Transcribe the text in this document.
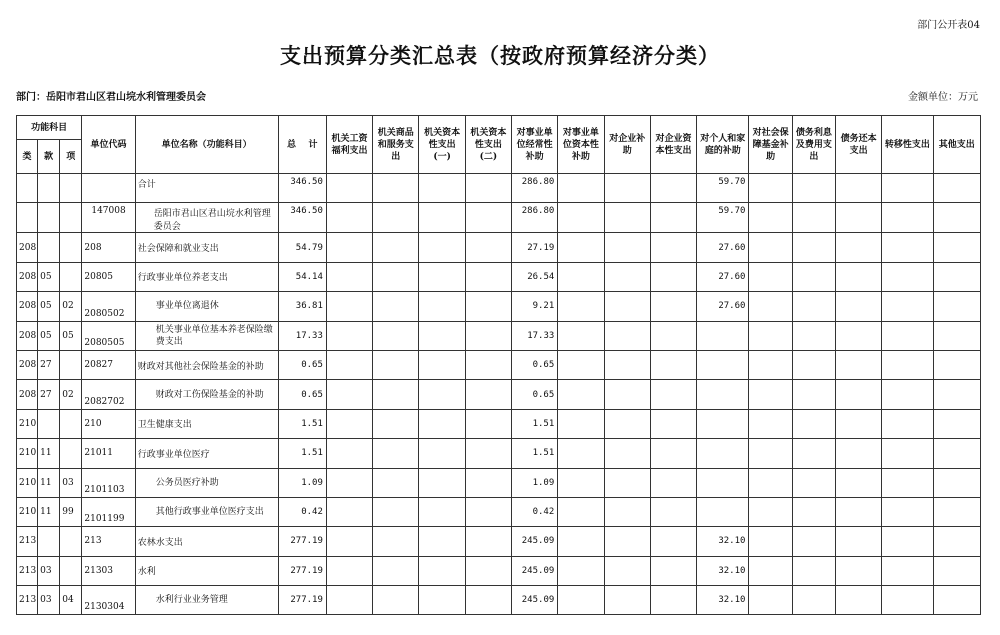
部门公开表04
支出预算分类汇总表（按政府预算经济分类）
部门：岳阳市君山区君山垸水利管理委员会	金额单位：万元
功能科目			单位代码	单位名称（功能科目）	总    计	机关工资福利支出	机关商品和服务支出	机关资本性支出(一)	机关资本性支出(二)	对事业单位经常性补助	对事业单位资本性补助	对企业补助	对企业资本性支出	对个人和家庭的补助	对社会保障基金补助	债务利息及费用支出	债务还本支出	转移性支出	其他支出
类	款	项																	
				合计	346.50					286.80				59.70					
			147008	岳阳市君山区君山垸水利管理委员会	346.50					286.80				59.70					
208			208	社会保障和就业支出	54.79					27.19				27.60					
208	05		20805	行政事业单位养老支出	54.14					26.54				27.60					
208	05	02	2080502	事业单位离退休	36.81					9.21				27.60					
208	05	05	2080505	机关事业单位基本养老保险缴费支出	17.33					17.33									
208	27		20827	财政对其他社会保险基金的补助	0.65					0.65									
208	27	02	2082702	财政对工伤保险基金的补助	0.65					0.65									
210			210	卫生健康支出	1.51					1.51									
210	11		21011	行政事业单位医疗	1.51					1.51									
210	11	03	2101103	公务员医疗补助	1.09					1.09									
210	11	99	2101199	其他行政事业单位医疗支出	0.42					0.42									
213			213	农林水支出	277.19					245.09				32.10					
213	03		21303	水利	277.19					245.09				32.10					
213	03	04	2130304	水利行业业务管理	277.19					245.09				32.10					
